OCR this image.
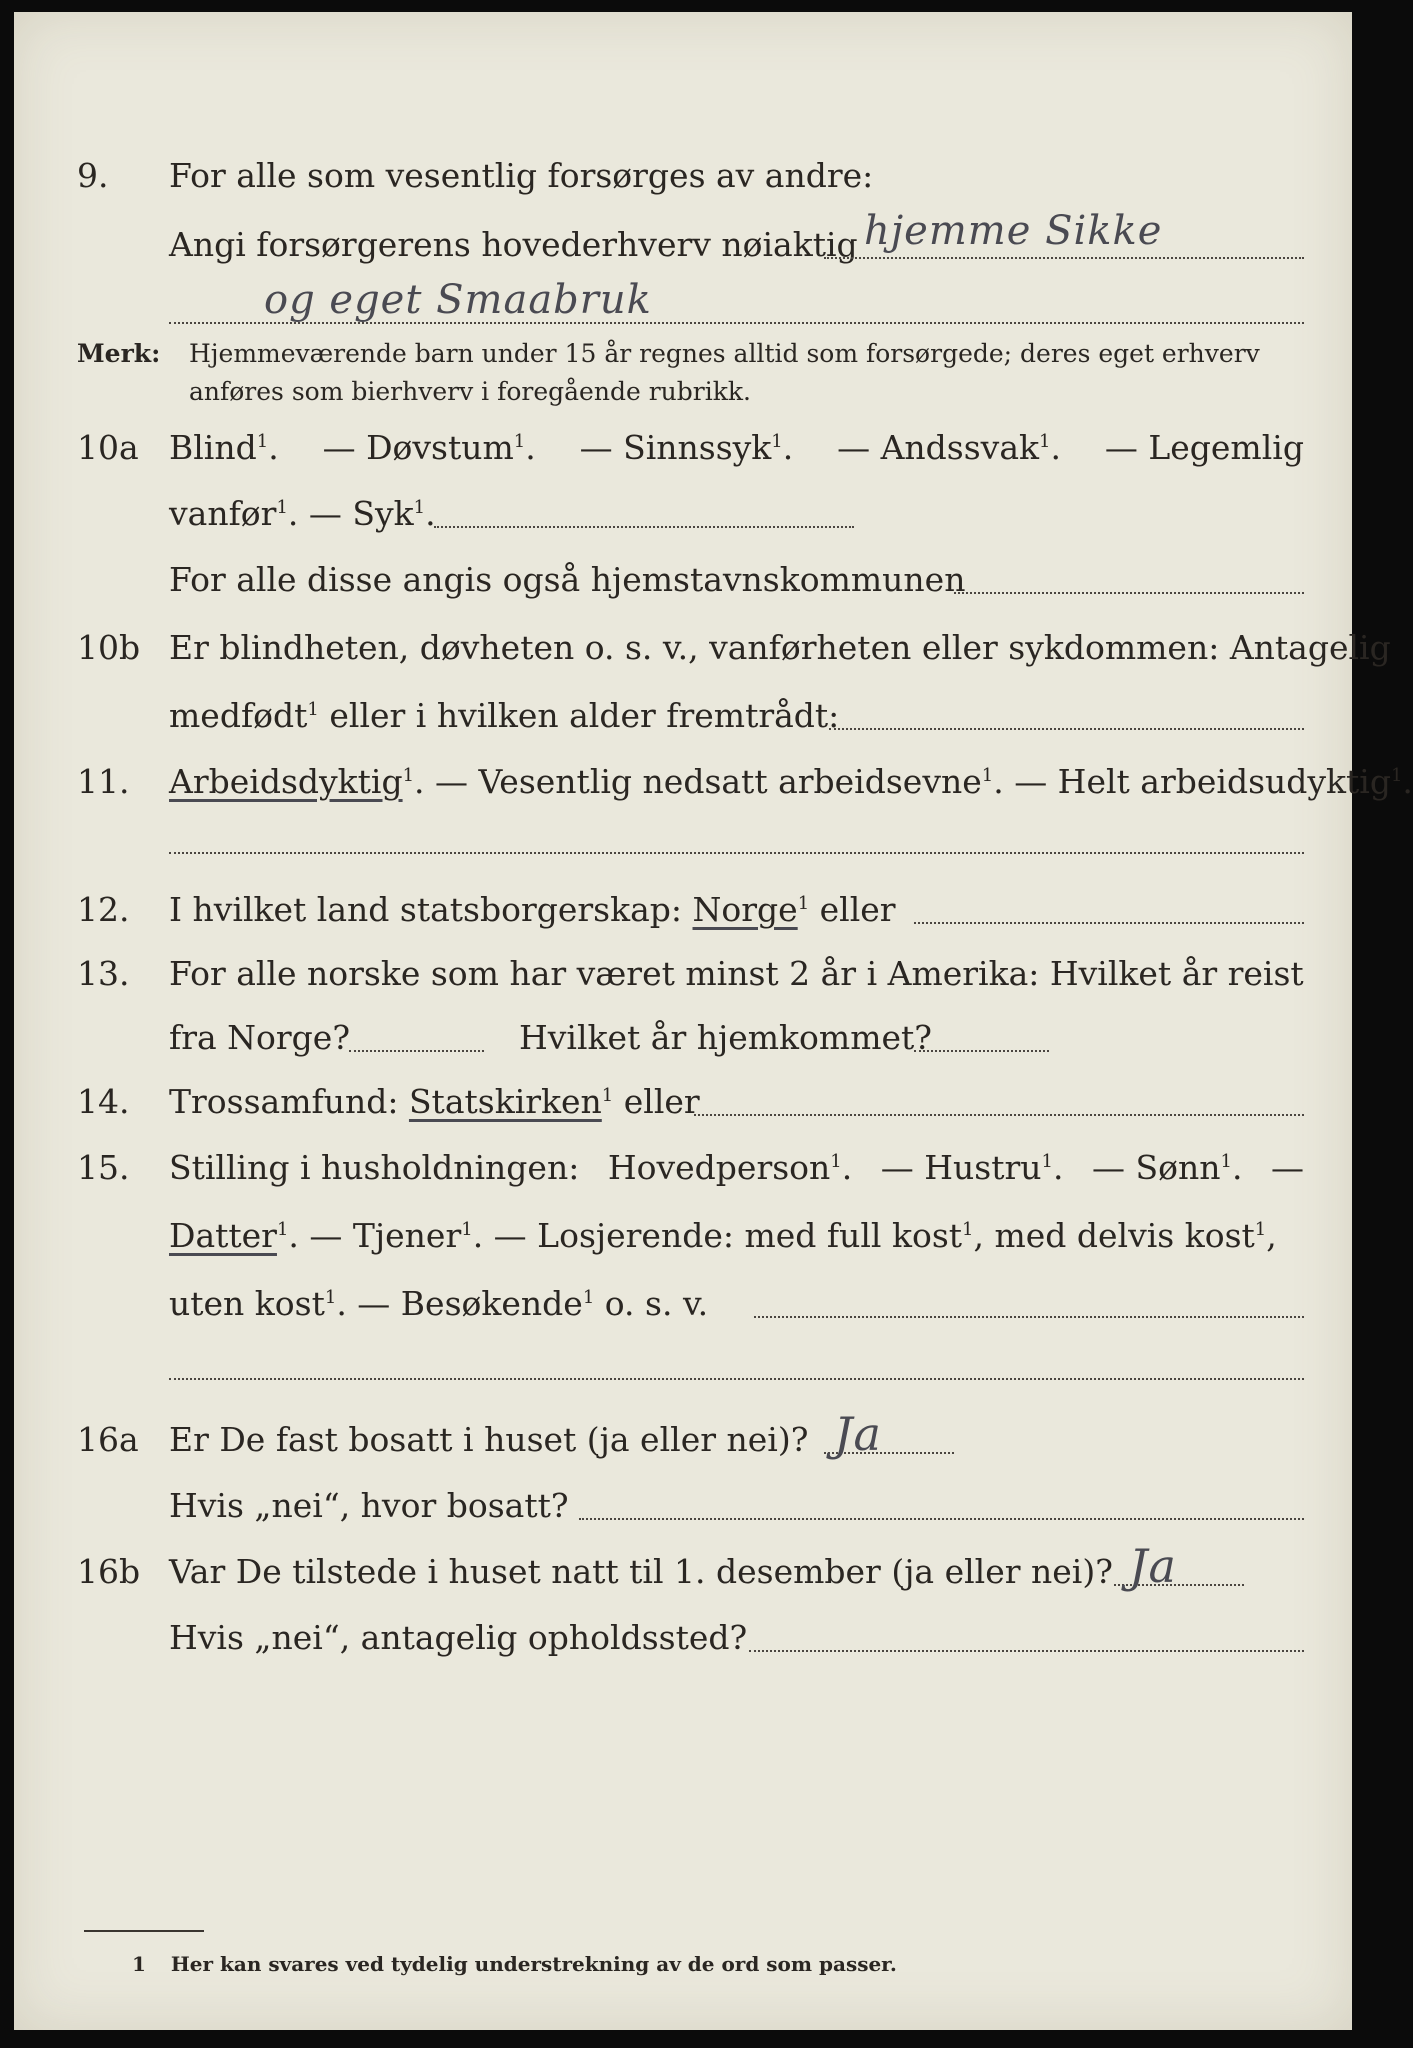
9. For alle som vesentlig forsørges av andre:
Angi forsørgerens hovederhverv nøiaktig hjemme Sikke
og eget Smaabruk
Merk: Hjemmeværende barn under 15 år regnes alltid som forsørgede; deres eget erhverv
anføres som bierhverv i foregående rubrikk.
10a Blind$^1$. — Døvstum$^1$. — Sinnssyk$^1$. — Andssvak$^1$. — Legemlig
vanfør$^1$. — Syk$^1$.
For alle disse angis også hjemstavnskommunen
10b Er blindheten, døvheten o. s. v., vanførheten eller sykdommen: Antagelig
medfødt$^1$ eller i hvilken alder fremtrådt:
11. Arbeidsdyktig$^1$. — Vesentlig nedsatt arbeidsevne$^1$. — Helt arbeidsudyktig$^1$.
12. I hvilket land statsborgerskap: Norge$^1$ eller
13. For alle norske som har været minst 2 år i Amerika: Hvilket år reist
fra Norge?	Hvilket år hjemkommet?
14. Trossamfund: Statskirken$^1$ eller
15. Stilling i husholdningen: Hovedperson$^1$. — Hustru$^1$. — Sønn$^1$. —
Datter$^1$. — Tjener$^1$. — Losjerende: med full kost$^1$, med delvis kost$^1$,
uten kost$^1$. — Besøkende$^1$ o. s. v.
16a Er De fast bosatt i huset (ja eller nei)? Ja
Hvis „nei“, hvor bosatt?
16b Var De tilstede i huset natt til 1. desember (ja eller nei)? Ja
Hvis „nei“, antagelig opholdssted?
1 Her kan svares ved tydelig understrekning av de ord som passer.
